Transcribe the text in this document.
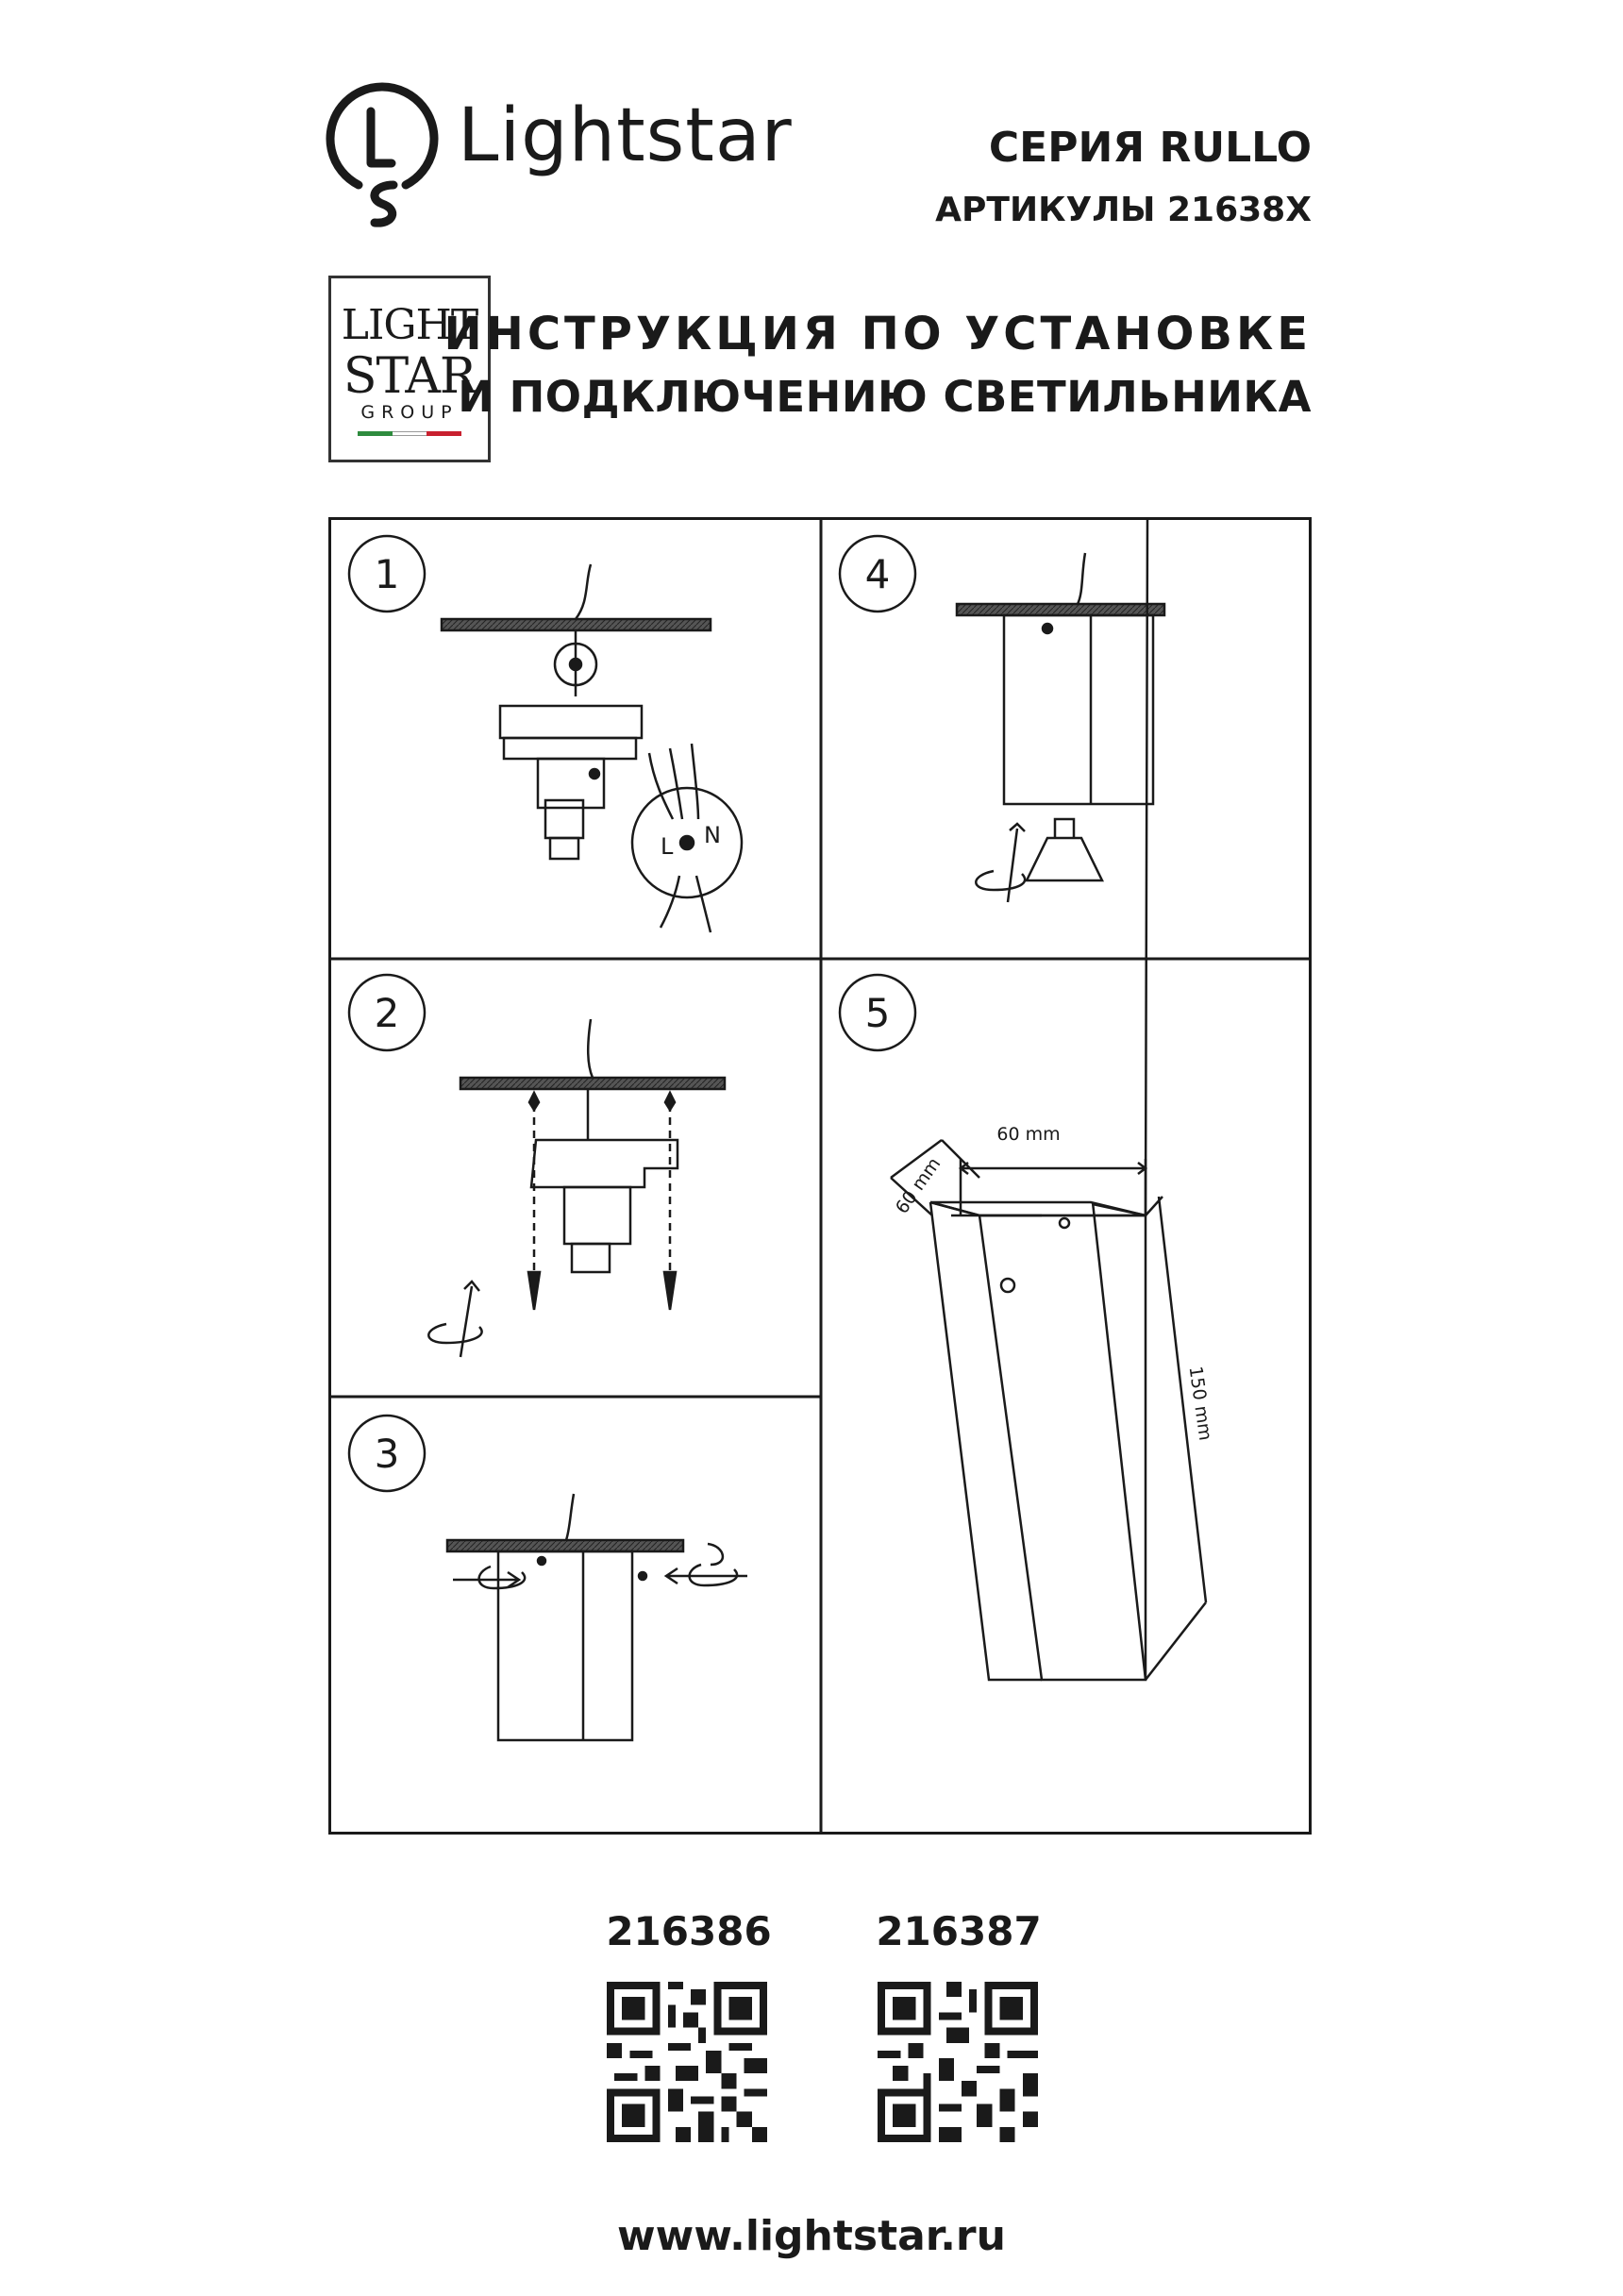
Lightstar	СЕРИЯ RULLO
АРТИКУЛЫ 21638X
LIGHT
STAR
GROUP
ИНСТРУКЦИЯ ПО УСТАНОВКЕ
И ПОДКЛЮЧЕНИЮ СВЕТИЛЬНИКА
1
L N
4
2
3
5
60 mm
60 mm
150 mm
216386	216387
www.lightstar.ru
